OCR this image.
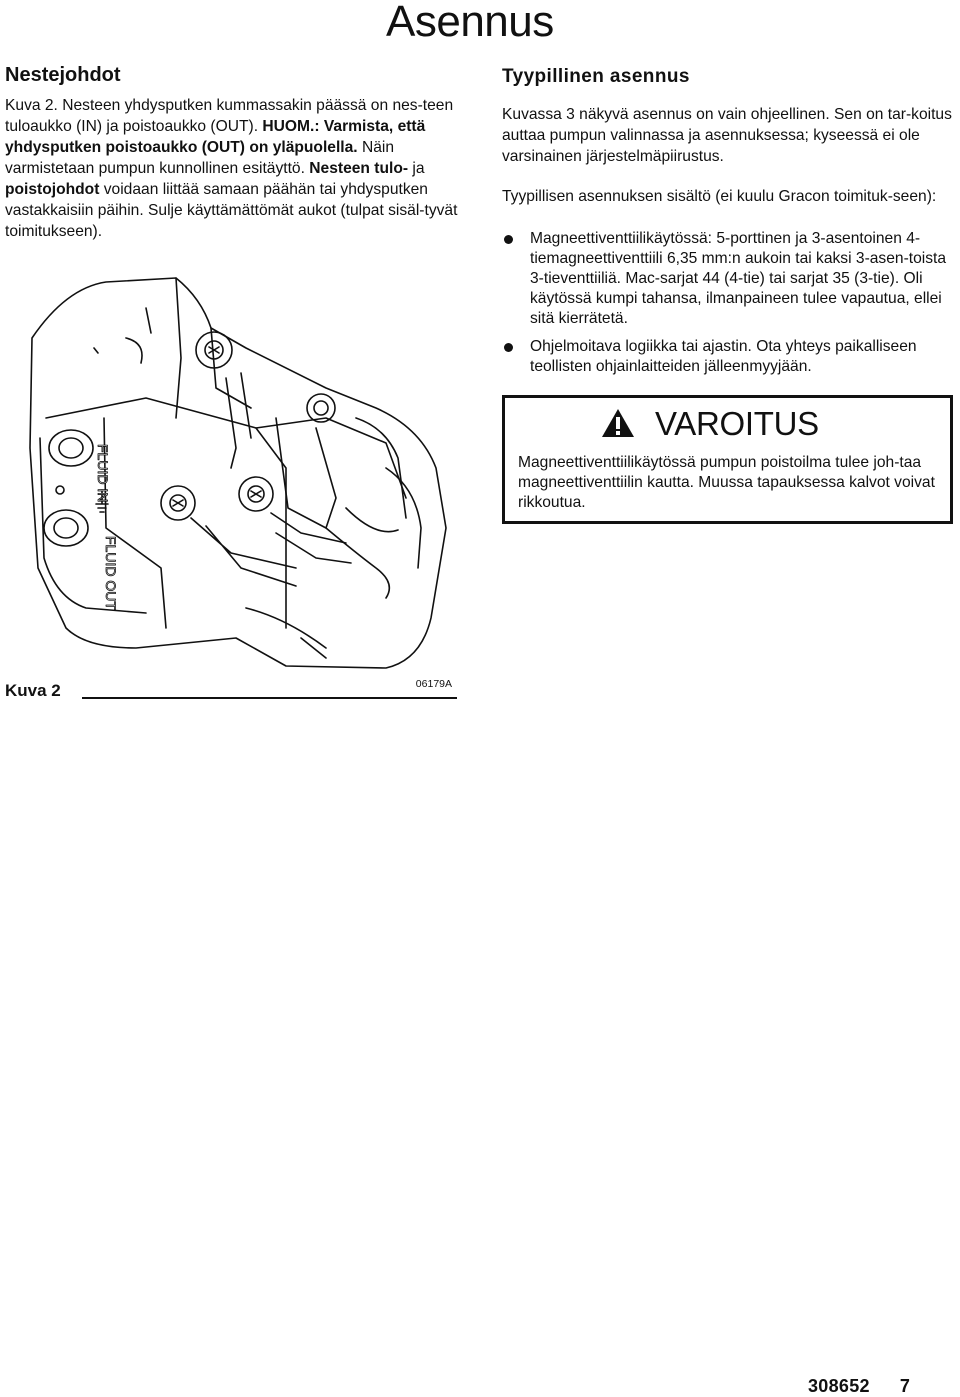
Asennus
Nestejohdot

Kuva 2. Nesteen yhdysputken kummassakin päässä on nes-teen tuloaukko (IN) ja poistoaukko (OUT). HUOM.: Varmista, että yhdysputken poistoaukko (OUT) on yläpuolella. Näin varmistetaan pumpun kunnollinen esitäyttö. Nesteen tulo- ja poistojohdot voidaan liittää samaan päähän tai yhdysputken vastakkaisiin päihin. Sulje käyttämättömät aukot (tulpat sisäl-tyvät toimitukseen).

FLUID IN
FLUID OUT
Kuva 2	06179A
Tyypillinen asennus

Kuvassa 3 näkyvä asennus on vain ohjeellinen. Sen on tar-koitus auttaa pumpun valinnassa ja asennuksessa; kyseessä ei ole varsinainen järjestelmäpiirustus.

Tyypillisen asennuksen sisältö (ei kuulu Gracon toimituk-seen):

Magneettiventtiilikäytössä: 5-porttinen ja 3-asentoinen 4-tiemagneettiventtiili 6,35 mm:n aukoin tai kaksi 3-asen-toista 3-tieventtiiliä. Mac-sarjat 44 (4-tie) tai sarjat 35 (3-tie). Oli käytössä kumpi tahansa, ilmanpaineen tulee vapautua, ellei sitä kierrätetä.
Ohjelmoitava logiikka tai ajastin. Ota yhteys paikalliseen teollisten ohjainlaitteiden jälleenmyyjään.
VAROITUS

Magneettiventtiilikäytössä pumpun poistoilma tulee joh-taa magneettiventtiilin kautta. Muussa tapauksessa kalvot voivat rikkoutua.

308652 7
